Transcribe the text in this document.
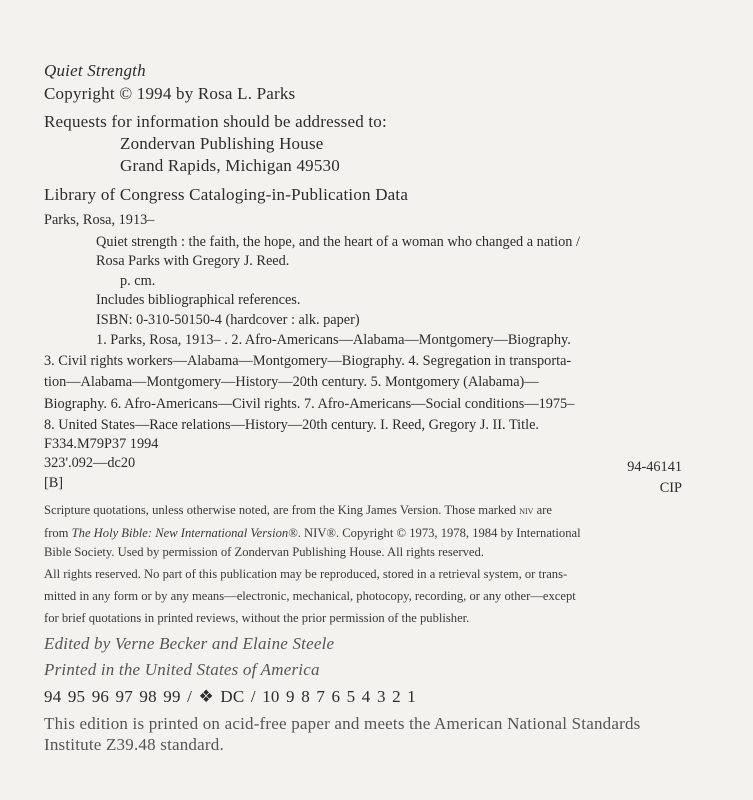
Quiet Strength
Copyright © 1994 by Rosa L. Parks
Requests for information should be addressed to:
Zondervan Publishing House
Grand Rapids, Michigan 49530
Library of Congress Cataloging-in-Publication Data
Parks, Rosa, 1913–
Quiet strength : the faith, the hope, and the heart of a woman who changed a nation /
Rosa Parks with Gregory J. Reed.
p. cm.
Includes bibliographical references.
ISBN: 0-310-50150-4 (hardcover : alk. paper)
1. Parks, Rosa, 1913– . 2. Afro-Americans—Alabama—Montgomery—Biography.
3. Civil rights workers—Alabama—Montgomery—Biography. 4. Segregation in transporta-
tion—Alabama—Montgomery—History—20th century. 5. Montgomery (Alabama)—
Biography. 6. Afro-Americans—Civil rights. 7. Afro-Americans—Social conditions—1975–
8. United States—Race relations—History—20th century. I. Reed, Gregory J. II. Title.
F334.M79P37 1994
323'.092—dc20	94-46141
[B]	CIP
Scripture quotations, unless otherwise noted, are from the King James Version. Those marked niv are
from The Holy Bible: New International Version®. NIV®. Copyright © 1973, 1978, 1984 by International
Bible Society. Used by permission of Zondervan Publishing House. All rights reserved.
All rights reserved. No part of this publication may be reproduced, stored in a retrieval system, or trans-
mitted in any form or by any means—electronic, mechanical, photocopy, recording, or any other—except
for brief quotations in printed reviews, without the prior permission of the publisher.
Edited by Verne Becker and Elaine Steele
Printed in the United States of America
94 95 96 97 98 99 / ❖ DC / 10 9 8 7 6 5 4 3 2 1
This edition is printed on acid-free paper and meets the American National Standards
Institute Z39.48 standard.
